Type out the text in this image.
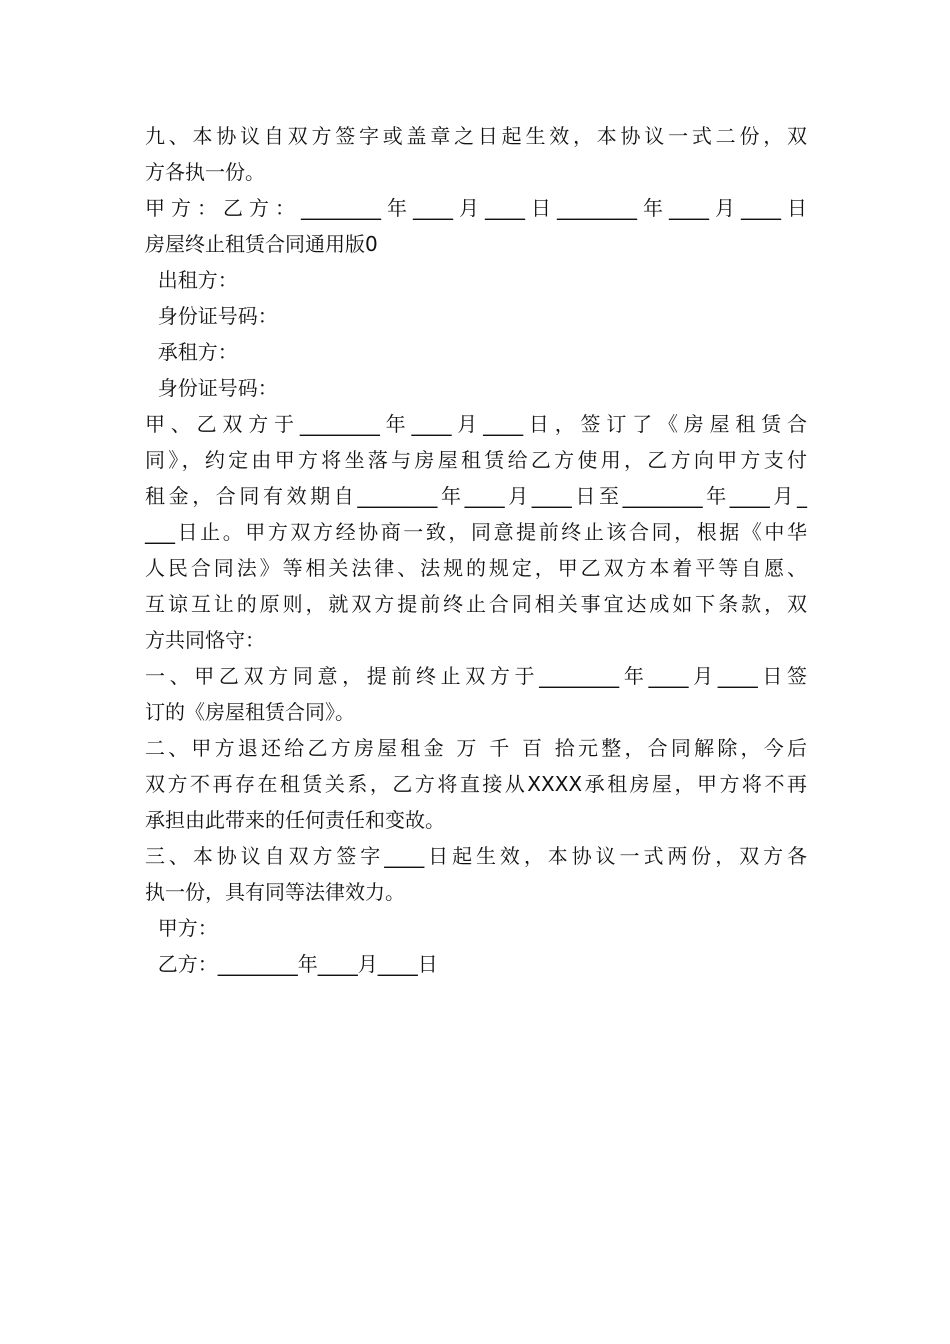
九、本协议自双方签字或盖章之日起生效，本协议一式二份，双

方各执一份。

甲方：乙方：________年____月____日________年____月____日

房屋终止租赁合同通用版0

出租方：

身份证号码：

承租方：

身份证号码：

甲、乙双方于________年____月____日，签订了《房屋租赁合

同》，约定由甲方将坐落与房屋租赁给乙方使用，乙方向甲方支付

租金，合同有效期自________年____月____日至________年____月_

___日止。甲方双方经协商一致，同意提前终止该合同，根据《中华

人民合同法》等相关法律、法规的规定，甲乙双方本着平等自愿、

互谅互让的原则，就双方提前终止合同相关事宜达成如下条款，双

方共同恪守：

一、甲乙双方同意，提前终止双方于________年____月____日签

订的《房屋租赁合同》。

二、甲方退还给乙方房屋租金 万 千 百 拾元整，合同解除，今后

双方不再存在租赁关系，乙方将直接从XXXX承租房屋，甲方将不再

承担由此带来的任何责任和变故。

三、本协议自双方签字____日起生效，本协议一式两份，双方各

执一份，具有同等法律效力。

甲方：

乙方：________年____月____日
